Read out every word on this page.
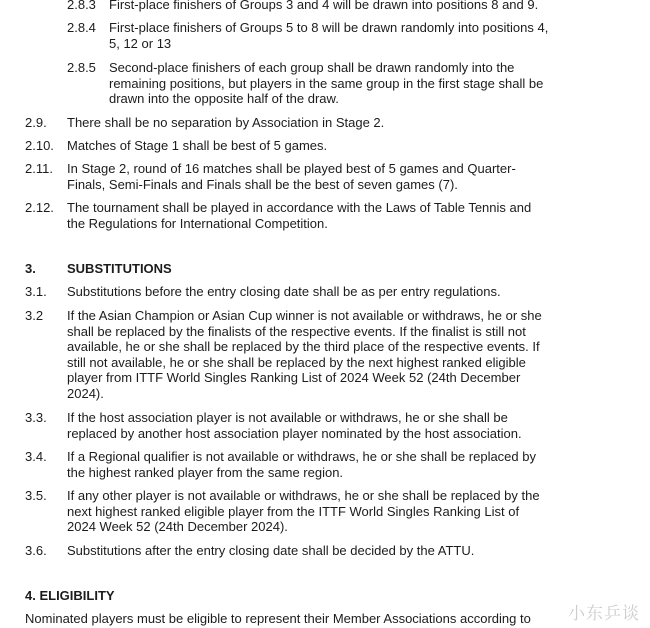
2.8.3 First-place finishers of Groups 3 and 4 will be drawn into positions 8 and 9.
2.8.4 First-place finishers of Groups 5 to 8 will be drawn randomly into positions 4,
5, 12 or 13
2.8.5 Second-place finishers of each group shall be drawn randomly into the
remaining positions, but players in the same group in the first stage shall be
drawn into the opposite half of the draw.
2.9. There shall be no separation by Association in Stage 2.
2.10. Matches of Stage 1 shall be best of 5 games.
2.11. In Stage 2, round of 16 matches shall be played best of 5 games and Quarter-
Finals, Semi-Finals and Finals shall be the best of seven games (7).
2.12. The tournament shall be played in accordance with the Laws of Table Tennis and
the Regulations for International Competition.
3. SUBSTITUTIONS
3.1. Substitutions before the entry closing date shall be as per entry regulations.
3.2 If the Asian Champion or Asian Cup winner is not available or withdraws, he or she
shall be replaced by the finalists of the respective events. If the finalist is still not
available, he or she shall be replaced by the third place of the respective events. If
still not available, he or she shall be replaced by the next highest ranked eligible
player from ITTF World Singles Ranking List of 2024 Week 52 (24th December
2024).
3.3. If the host association player is not available or withdraws, he or she shall be
replaced by another host association player nominated by the host association.
3.4. If a Regional qualifier is not available or withdraws, he or she shall be replaced by
the highest ranked player from the same region.
3.5. If any other player is not available or withdraws, he or she shall be replaced by the
next highest ranked eligible player from the ITTF World Singles Ranking List of
2024 Week 52 (24th December 2024).
3.6. Substitutions after the entry closing date shall be decided by the ATTU.
4. ELIGIBILITY
Nominated players must be eligible to represent their Member Associations according to 小东乒谈
